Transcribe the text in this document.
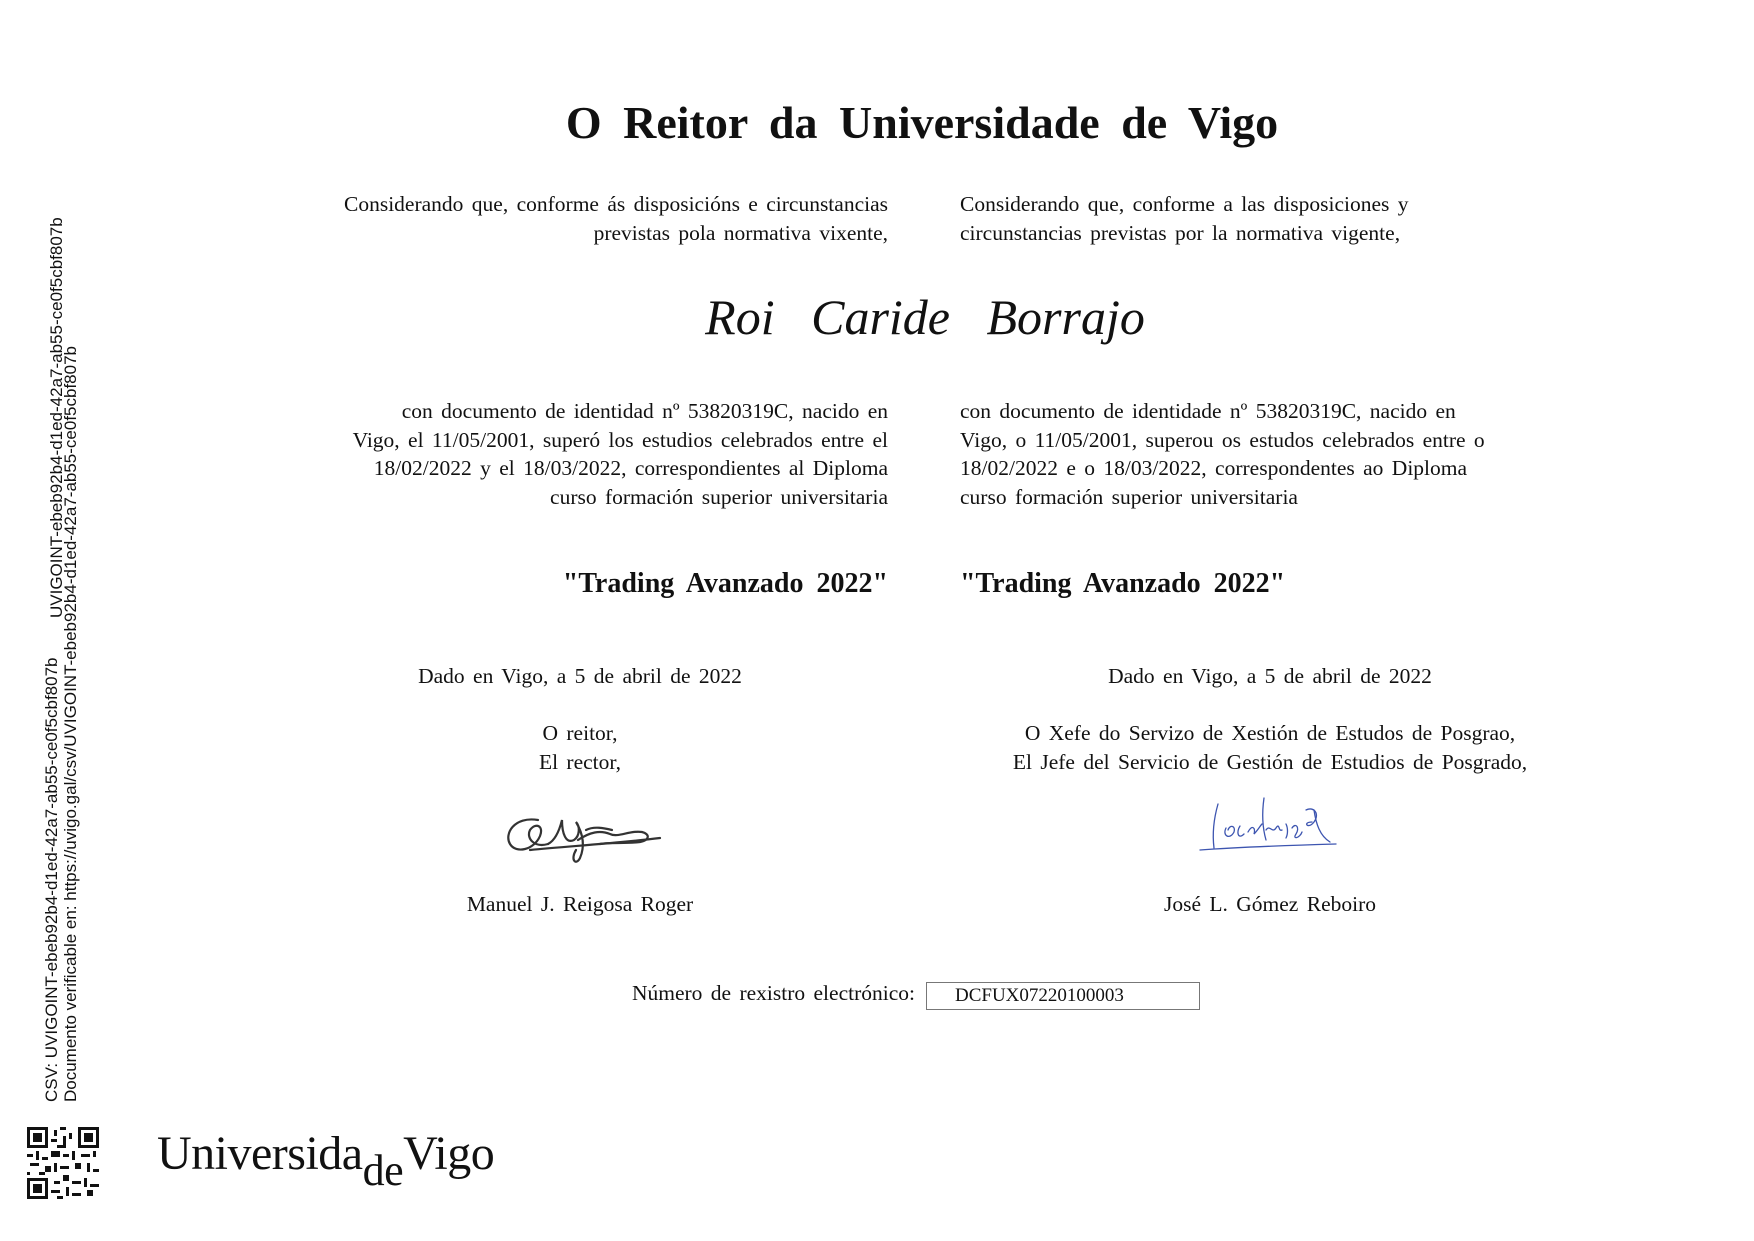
O Reitor da Universidade de Vigo
Considerando que, conforme ás disposicións e circunstancias
previstas pola normativa vixente,
Considerando que, conforme a las disposiciones y
circunstancias previstas por la normativa vigente,
Roi Caride Borrajo
con documento de identidad nº 53820319C, nacido en
Vigo, el 11/05/2001, superó los estudios celebrados entre el
18/02/2022 y el 18/03/2022, correspondientes al Diploma
curso formación superior universitaria
con documento de identidade nº 53820319C, nacido en
Vigo, o 11/05/2001, superou os estudos celebrados entre o
18/02/2022 e o 18/03/2022, correspondentes ao Diploma
curso formación superior universitaria
"Trading Avanzado 2022"	"Trading Avanzado 2022"
Dado en Vigo, a 5 de abril de 2022	Dado en Vigo, a 5 de abril de 2022
O reitor,
El rector,
O Xefe do Servizo de Xestión de Estudos de Posgrao,
El Jefe del Servicio de Gestión de Estudios de Posgrado,
Manuel J. Reigosa Roger	José L. Gómez Reboiro
Número de rexistro electrónico:	DCFUX07220100003
CSV: UVIGOINT-ebeb92b4-d1ed-42a7-ab55-ce0f5cbf807b Documento verificable en: https://uvigo.gal/csv/UVIGOINT-ebeb92b4-d1ed-42a7-ab55-ce0f5cbf807b
UVIGOINT-ebeb92b4-d1ed-42a7-ab55-ce0f5cbf807b
UniversidadeVigo
